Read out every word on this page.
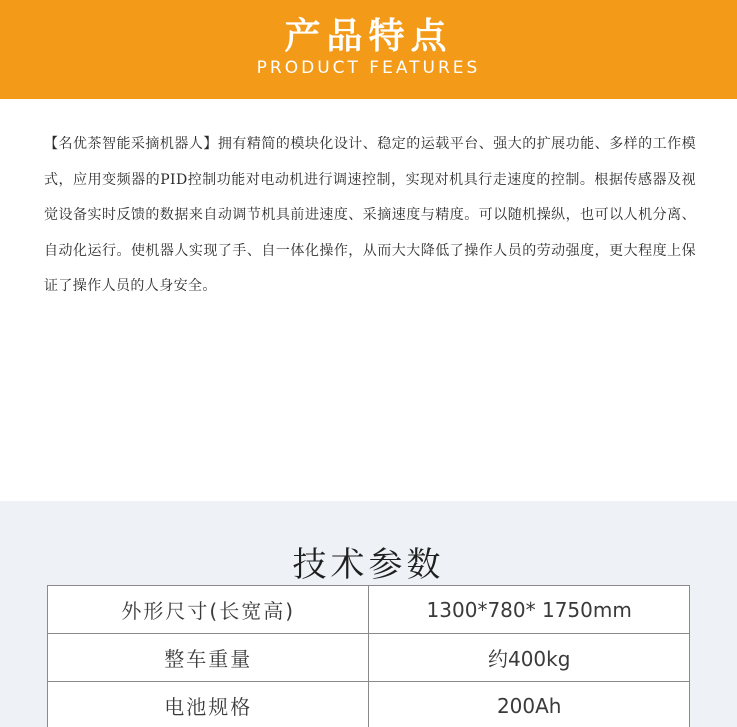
产品特点
PRODUCT FEATURES
【名优茶智能采摘机器人】拥有精简的模块化设计、稳定的运载平台、强大的扩展功能、多样的工作模式，应用变频器的PID控制功能对电动机进行调速控制，实现对机具行走速度的控制。根据传感器及视觉设备实时反馈的数据来自动调节机具前进速度、采摘速度与精度。可以随机操纵，也可以人机分离、自动化运行。使机器人实现了手、自一体化操作，从而大大降低了操作人员的劳动强度，更大程度上保证了操作人员的人身安全。
技术参数
外形尺寸(长宽高)	1300*780* 1750mm
整车重量	约400kg
电池规格	200Ah
